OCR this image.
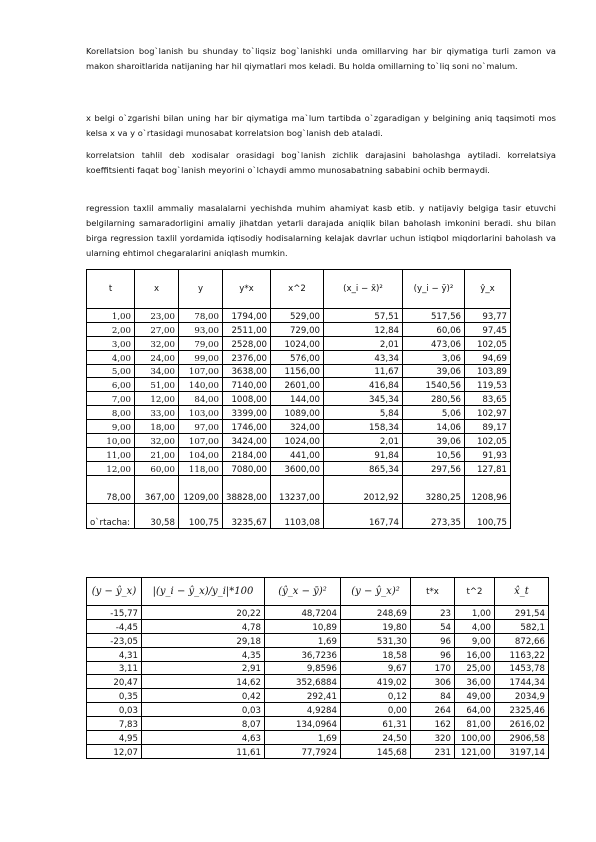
Korellatsion bog`lanish bu shunday to`liqsiz bog`lanishki unda omillarving har bir qiymatiga turli zamon va makon sharoitlarida natijaning har hil qiymatlari mos keladi. Bu holda omillarning to`liq soni no`malum.

x belgi o`zgarishi bilan uning har bir qiymatiga ma`lum tartibda o`zgaradigan y belgining aniq taqsimoti mos kelsa x va y o`rtasidagi munosabat korrelatsion bog`lanish deb ataladi.

korrelatsion tahlil deb xodisalar orasidagi bog`lanish zichlik darajasini baholashga aytiladi. korrelatsiya koeffitsienti faqat bog`lanish meyorini o`lchaydi ammo munosabatning sababini ochib bermaydi.

regression taxlil ammaliy masalalarni yechishda muhim ahamiyat kasb etib. y natijaviy belgiga tasir etuvchi belgilarning samaradorligini amaliy jihatdan yetarli darajada aniqlik bilan baholash imkonini beradi. shu bilan birga regression taxlil yordamida iqtisodiy hodisalarning kelajak davrlar uchun istiqbol miqdorlarini baholash va ularning ehtimol chegaralarini aniqlash mumkin.

t	x	y	y*x	x^2	(x_i − x̄)²	(y_i − ȳ)²	ŷ_x
1,00	23,00	78,00	1794,00	529,00	57,51	517,56	93,77
2,00	27,00	93,00	2511,00	729,00	12,84	60,06	97,45
3,00	32,00	79,00	2528,00	1024,00	2,01	473,06	102,05
4,00	24,00	99,00	2376,00	576,00	43,34	3,06	94,69
5,00	34,00	107,00	3638,00	1156,00	11,67	39,06	103,89
6,00	51,00	140,00	7140,00	2601,00	416,84	1540,56	119,53
7,00	12,00	84,00	1008,00	144,00	345,34	280,56	83,65
8,00	33,00	103,00	3399,00	1089,00	5,84	5,06	102,97
9,00	18,00	97,00	1746,00	324,00	158,34	14,06	89,17
10,00	32,00	107,00	3424,00	1024,00	2,01	39,06	102,05
11,00	21,00	104,00	2184,00	441,00	91,84	10,56	91,93
12,00	60,00	118,00	7080,00	3600,00	865,34	297,56	127,81
78,00	367,00	1209,00	38828,00	13237,00	2012,92	3280,25	1208,96
o`rtacha:	30,58	100,75	3235,67	1103,08	167,74	273,35	100,75
(y − ŷ_x)	|(y_i − ŷ_x)/y_i|*100	(ŷ_x − ȳ)²	(y − ŷ_x)²	t*x	t^2	x̂_t
-15,77	20,22	48,7204	248,69	23	1,00	291,54
-4,45	4,78	10,89	19,80	54	4,00	582,1
-23,05	29,18	1,69	531,30	96	9,00	872,66
4,31	4,35	36,7236	18,58	96	16,00	1163,22
3,11	2,91	9,8596	9,67	170	25,00	1453,78
20,47	14,62	352,6884	419,02	306	36,00	1744,34
0,35	0,42	292,41	0,12	84	49,00	2034,9
0,03	0,03	4,9284	0,00	264	64,00	2325,46
7,83	8,07	134,0964	61,31	162	81,00	2616,02
4,95	4,63	1,69	24,50	320	100,00	2906,58
12,07	11,61	77,7924	145,68	231	121,00	3197,14
